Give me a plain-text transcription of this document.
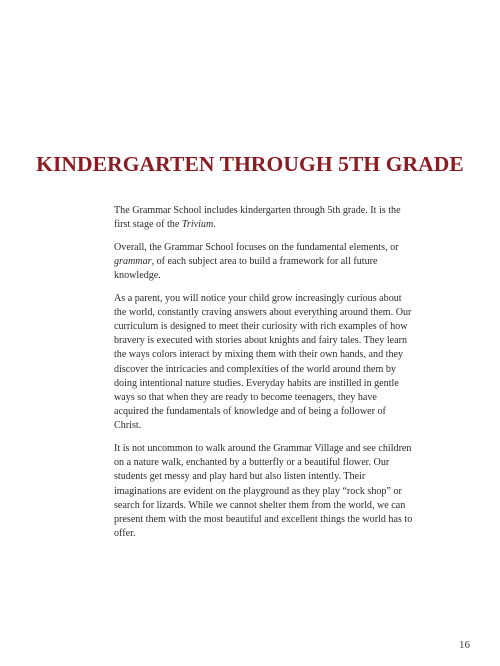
KINDERGARTEN THROUGH 5TH GRADE

The Grammar School includes kindergarten through 5th grade. It is the first stage of the Trivium.

Overall, the Grammar School focuses on the fundamental elements, or grammar, of each subject area to build a framework for all future knowledge.

As a parent, you will notice your child grow increasingly curious about the world, constantly craving answers about everything around them. Our curriculum is designed to meet their curiosity with rich examples of how bravery is executed with stories about knights and fairy tales. They learn the ways colors interact by mixing them with their own hands, and they discover the intricacies and complexities of the world around them by doing intentional nature studies. Everyday habits are instilled in gentle ways so that when they are ready to become teenagers, they have acquired the fundamentals of knowledge and of being a follower of Christ.

It is not uncommon to walk around the Grammar Village and see children on a nature walk, enchanted by a butterfly or a beautiful flower. Our students get messy and play hard but also listen intently. Their imaginations are evident on the playground as they play “rock shop” or search for lizards. While we cannot shelter them from the world, we can present them with the most beautiful and excellent things the world has to offer.

16
